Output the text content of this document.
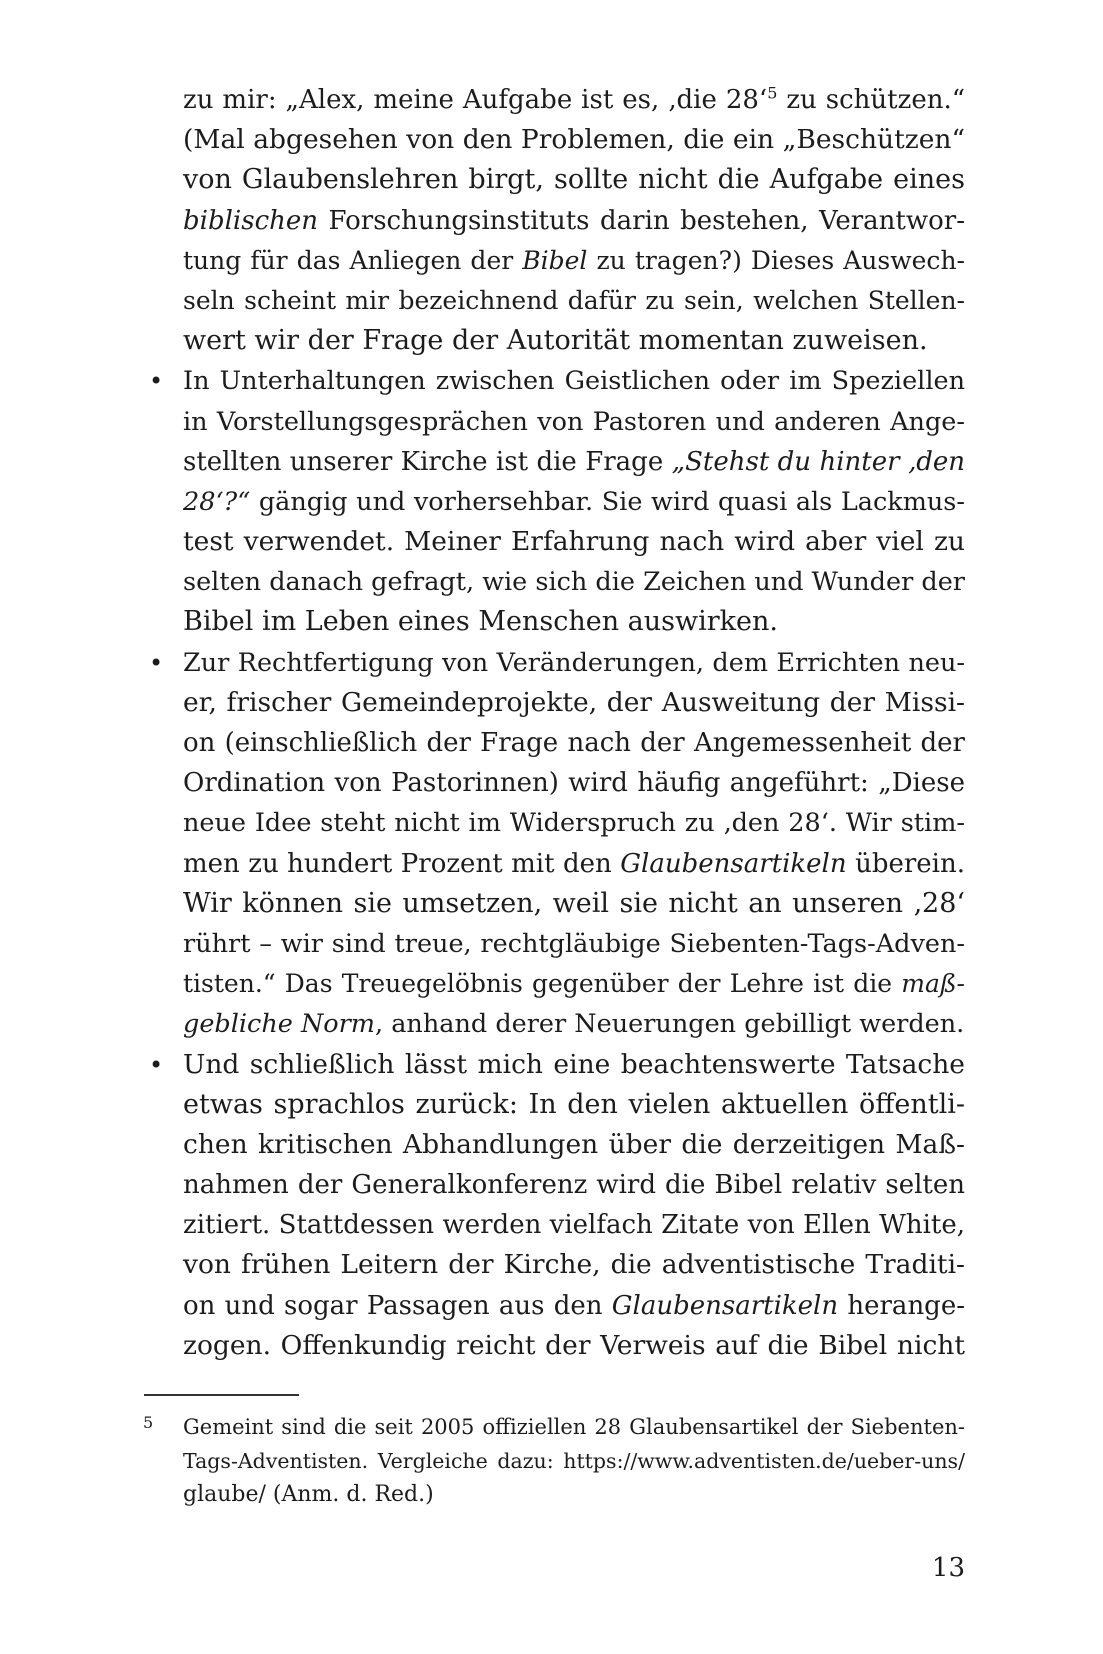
zu mir: „Alex, meine Aufgabe ist es, ‚die 28‘$^5$ zu schützen.“
(Mal abgesehen von den Problemen, die ein „Beschützen“
von Glaubenslehren birgt, sollte nicht die Aufgabe eines
biblischen Forschungsinstituts darin bestehen, Verantwor-
tung für das Anliegen der Bibel zu tragen?) Dieses Auswech-
seln scheint mir bezeichnend dafür zu sein, welchen Stellen-
wert wir der Frage der Autorität momentan zuweisen.
• In Unterhaltungen zwischen Geistlichen oder im Speziellen
in Vorstellungsgesprächen von Pastoren und anderen Ange-
stellten unserer Kirche ist die Frage „Stehst du hinter ‚den
28‘?“ gängig und vorhersehbar. Sie wird quasi als Lackmus-
test verwendet. Meiner Erfahrung nach wird aber viel zu
selten danach gefragt, wie sich die Zeichen und Wunder der
Bibel im Leben eines Menschen auswirken.
• Zur Rechtfertigung von Veränderungen, dem Errichten neu-
er, frischer Gemeindeprojekte, der Ausweitung der Missi-
on (einschließlich der Frage nach der Angemessenheit der
Ordination von Pastorinnen) wird häufig angeführt: „Diese
neue Idee steht nicht im Widerspruch zu ‚den 28‘. Wir stim-
men zu hundert Prozent mit den Glaubensartikeln überein.
Wir können sie umsetzen, weil sie nicht an unseren ‚28‘
rührt – wir sind treue, rechtgläubige Siebenten-Tags-Adven-
tisten.“ Das Treuegelöbnis gegenüber der Lehre ist die maß-
gebliche Norm, anhand derer Neuerungen gebilligt werden.
• Und schließlich lässt mich eine beachtenswerte Tatsache
etwas sprachlos zurück: In den vielen aktuellen öffentli-
chen kritischen Abhandlungen über die derzeitigen Maß-
nahmen der Generalkonferenz wird die Bibel relativ selten
zitiert. Stattdessen werden vielfach Zitate von Ellen White,
von frühen Leitern der Kirche, die adventistische Traditi-
on und sogar Passagen aus den Glaubensartikeln herange-
zogen. Offenkundig reicht der Verweis auf die Bibel nicht
5 Gemeint sind die seit 2005 offiziellen 28 Glaubensartikel der Siebenten-
Tags-Adventisten. Vergleiche dazu: https://www.adventisten.de/ueber-uns/
glaube/ (Anm. d. Red.)
13
